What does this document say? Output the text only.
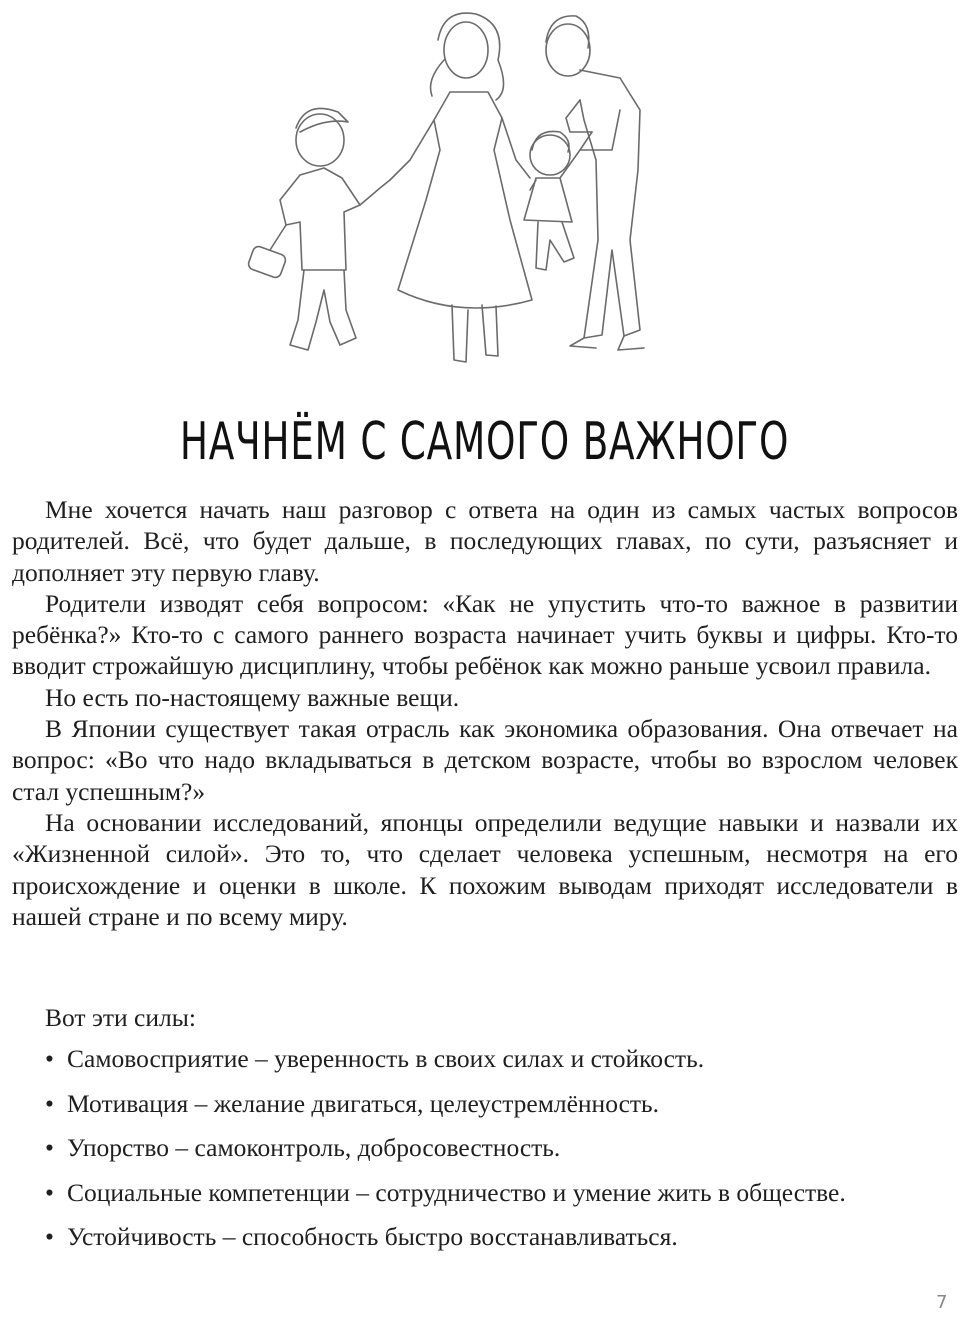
НАЧНЁМ С САМОГО ВАЖНОГО

Мне хочется начать наш разговор с ответа на один из самых частых вопросов родителей. Всё, что будет дальше, в последующих главах, по сути, разъясняет и дополняет эту первую главу.

Родители изводят себя вопросом: «Как не упустить что-то важное в развитии ребёнка?» Кто-то с самого раннего возраста начинает учить буквы и цифры. Кто-то вводит строжайшую дисциплину, чтобы ребёнок как можно раньше усвоил правила.

Но есть по-настоящему важные вещи.

В Японии существует такая отрасль как экономика образования. Она отвечает на вопрос: «Во что надо вкладываться в детском возрасте, чтобы во взрослом человек стал успешным?»

На основании исследований, японцы определили ведущие навыки и назвали их «Жизненной силой». Это то, что сделает человека успешным, несмотря на его происхождение и оценки в школе. К похожим выводам приходят исследователи в нашей стране и по всему миру.

Вот эти силы:
• Самовосприятие – уверенность в своих силах и стойкость.
• Мотивация – желание двигаться, целеустремлённость.
• Упорство – самоконтроль, добросовестность.
• Социальные компетенции – сотрудничество и умение жить в обществе.
• Устойчивость – способность быстро восстанавливаться.
7
